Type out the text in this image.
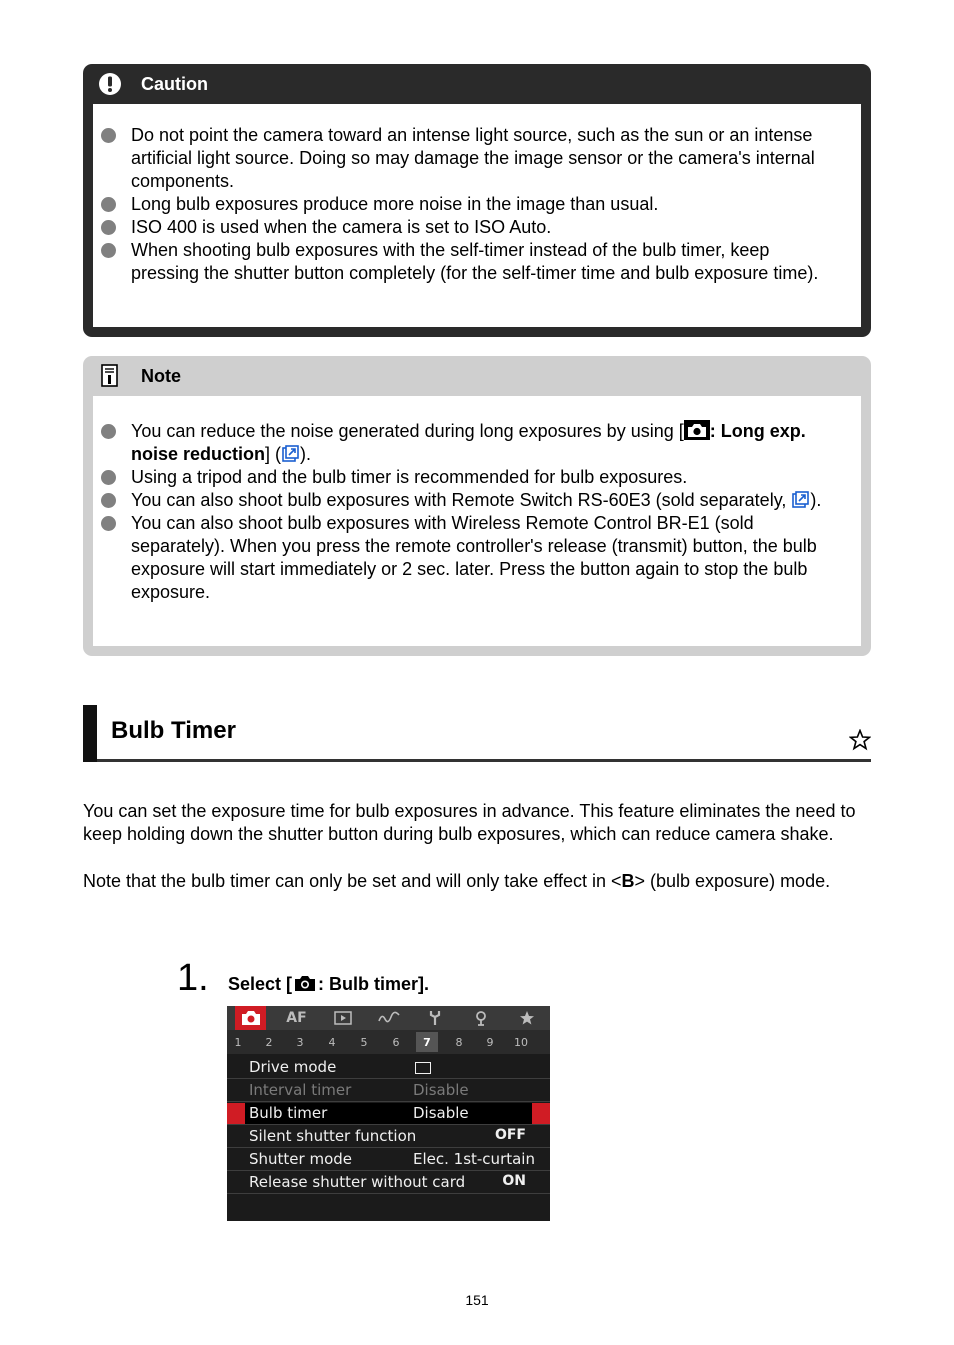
Caution
Do not point the camera toward an intense light source, such as the sun or an intense artificial light source. Doing so may damage the image sensor or the camera's internal components.
Long bulb exposures produce more noise in the image than usual.
ISO 400 is used when the camera is set to ISO Auto.
When shooting bulb exposures with the self-timer instead of the bulb timer, keep pressing the shutter button completely (for the self-timer time and bulb exposure time).
Note
You can reduce the noise generated during long exposures by using [ : Long exp. noise reduction] ( ).
Using a tripod and the bulb timer is recommended for bulb exposures.
You can also shoot bulb exposures with Remote Switch RS-60E3 (sold separately, ).
You can also shoot bulb exposures with Wireless Remote Control BR-E1 (sold separately). When you press the remote controller's release (transmit) button, the bulb exposure will start immediately or 2 sec. later. Press the button again to stop the bulb exposure.
Bulb Timer

You can set the exposure time for bulb exposures in advance. This feature eliminates the need to keep holding down the shutter button during bulb exposures, which can reduce camera shake.

Note that the bulb timer can only be set and will only take effect in <B> (bulb exposure) mode.

1. Select [ : Bulb timer].
AF
1	2	3	4	5	6	7	8	9	10
Drive mode
Interval timer	Disable
Bulb timer	Disable
Silent shutter function	OFF
Shutter mode	Elec. 1st-curtain
Release shutter without card	ON
151
